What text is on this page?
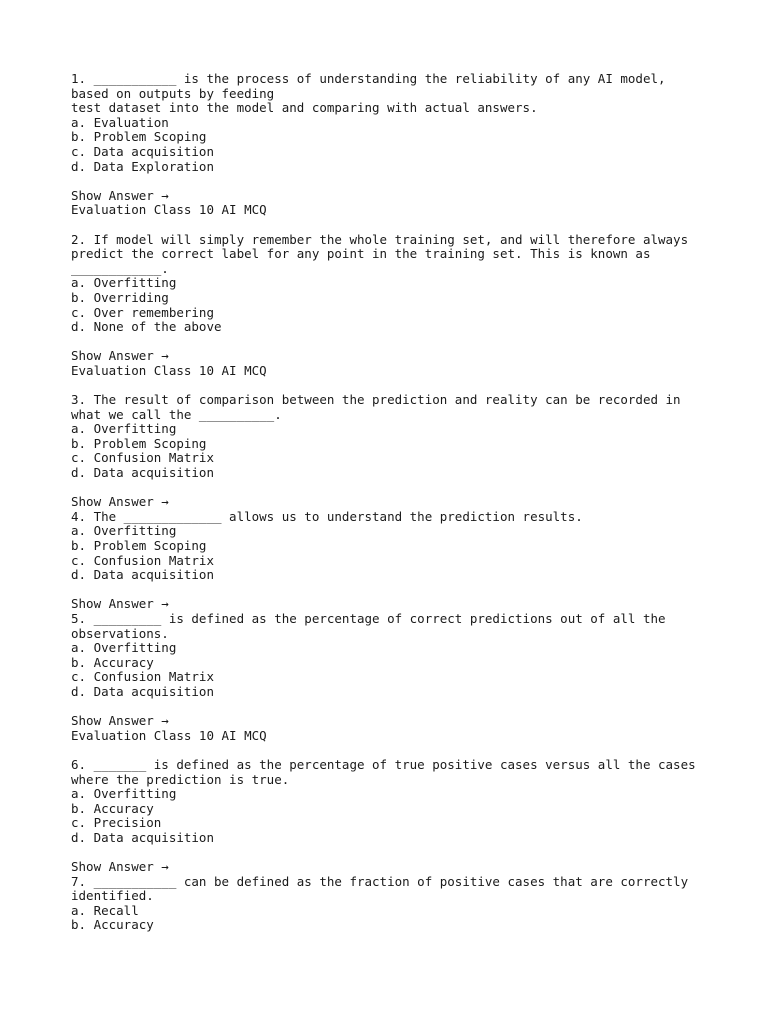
1. ___________ is the process of understanding the reliability of any AI model,
based on outputs by feeding
test dataset into the model and comparing with actual answers.
a. Evaluation
b. Problem Scoping
c. Data acquisition
d. Data Exploration
Show Answer →
Evaluation Class 10 AI MCQ
2. If model will simply remember the whole training set, and will therefore always
predict the correct label for any point in the training set. This is known as
____________.
a. Overfitting
b. Overriding
c. Over remembering
d. None of the above
Show Answer →
Evaluation Class 10 AI MCQ
3. The result of comparison between the prediction and reality can be recorded in
what we call the __________.
a. Overfitting
b. Problem Scoping
c. Confusion Matrix
d. Data acquisition
Show Answer →
4. The _____________ allows us to understand the prediction results.
a. Overfitting
b. Problem Scoping
c. Confusion Matrix
d. Data acquisition
Show Answer →
5. _________ is defined as the percentage of correct predictions out of all the
observations.
a. Overfitting
b. Accuracy
c. Confusion Matrix
d. Data acquisition
Show Answer →
Evaluation Class 10 AI MCQ
6. _______ is defined as the percentage of true positive cases versus all the cases
where the prediction is true.
a. Overfitting
b. Accuracy
c. Precision
d. Data acquisition
Show Answer →
7. ___________ can be defined as the fraction of positive cases that are correctly
identified.
a. Recall
b. Accuracy
